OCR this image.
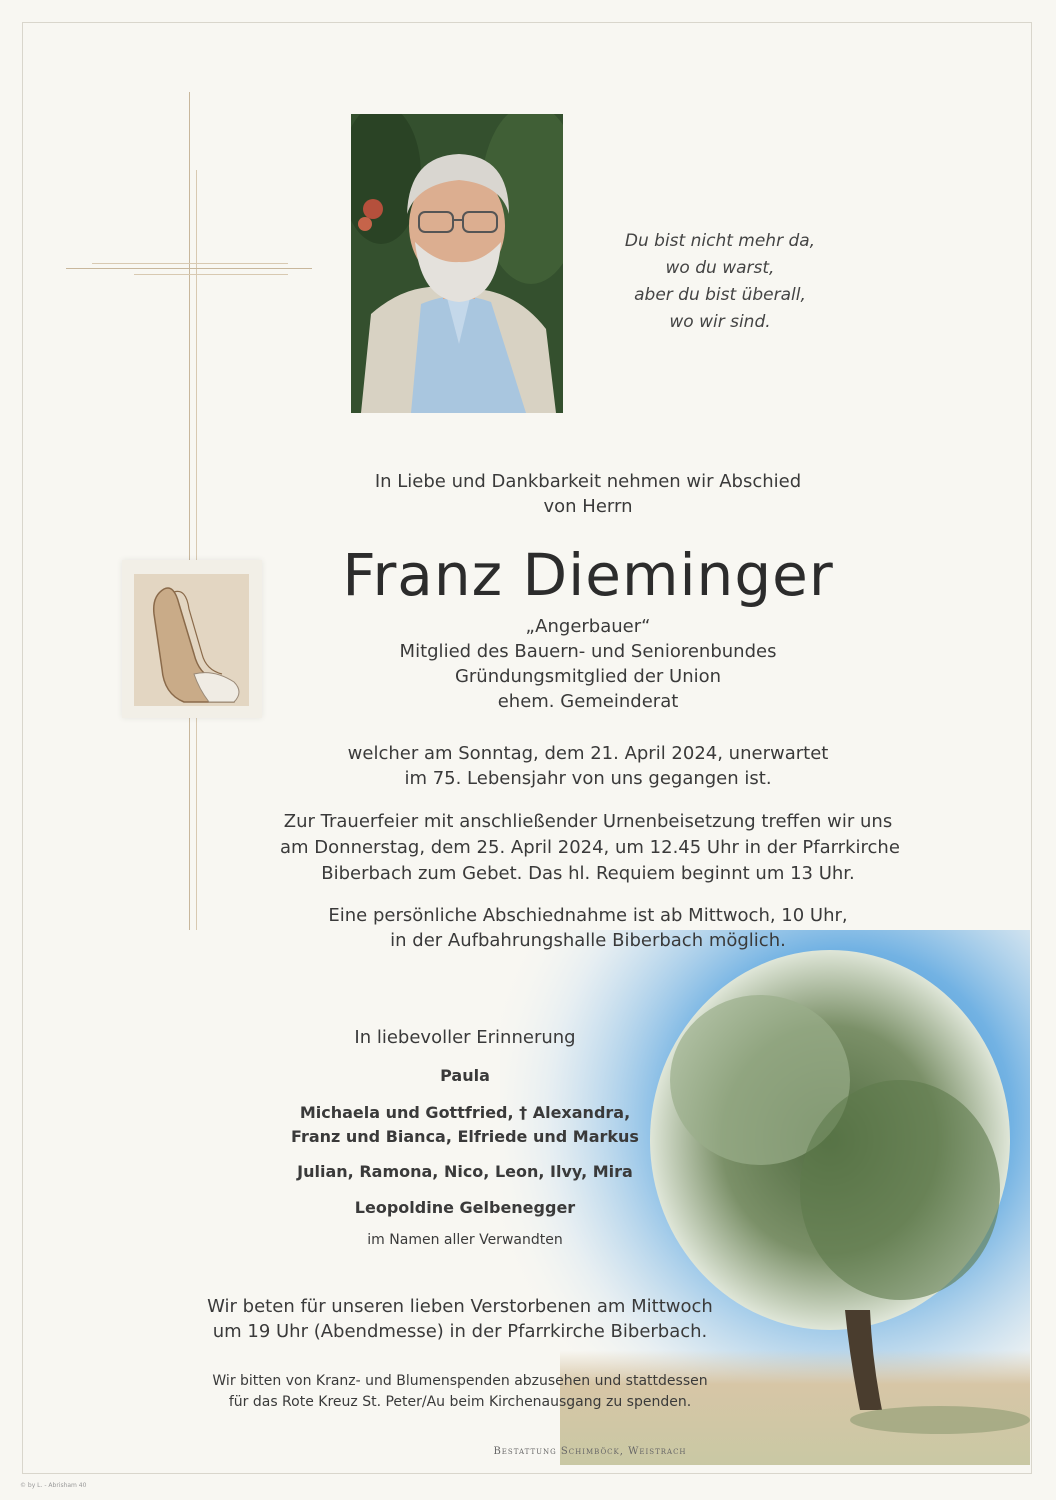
Du bist nicht mehr da,
wo du warst,
aber du bist überall,
wo wir sind.
In Liebe und Dankbarkeit nehmen wir Abschied
von Herrn
Franz Dieminger
„Angerbauer“
Mitglied des Bauern- und Seniorenbundes
Gründungsmitglied der Union
ehem. Gemeinderat
welcher am Sonntag, dem 21. April 2024, unerwartet
im 75. Lebensjahr von uns gegangen ist.
Zur Trauerfeier mit anschließender Urnenbeisetzung treffen wir uns
am Donnerstag, dem 25. April 2024, um 12.45 Uhr in der Pfarrkirche
Biberbach zum Gebet. Das hl. Requiem beginnt um 13 Uhr.
Eine persönliche Abschiednahme ist ab Mittwoch, 10 Uhr,
in der Aufbahrungshalle Biberbach möglich.
In liebevoller Erinnerung
Paula
Michaela und Gottfried, † Alexandra,
Franz und Bianca, Elfriede und Markus
Julian, Ramona, Nico, Leon, Ilvy, Mira
Leopoldine Gelbenegger
im Namen aller Verwandten
Wir beten für unseren lieben Verstorbenen am Mittwoch
um 19 Uhr (Abendmesse) in der Pfarrkirche Biberbach.
Wir bitten von Kranz- und Blumenspenden abzusehen und stattdessen
für das Rote Kreuz St. Peter/Au beim Kirchenausgang zu spenden.
Bestattung Schimböck, Weistrach
© by L. - Abrisham 40
